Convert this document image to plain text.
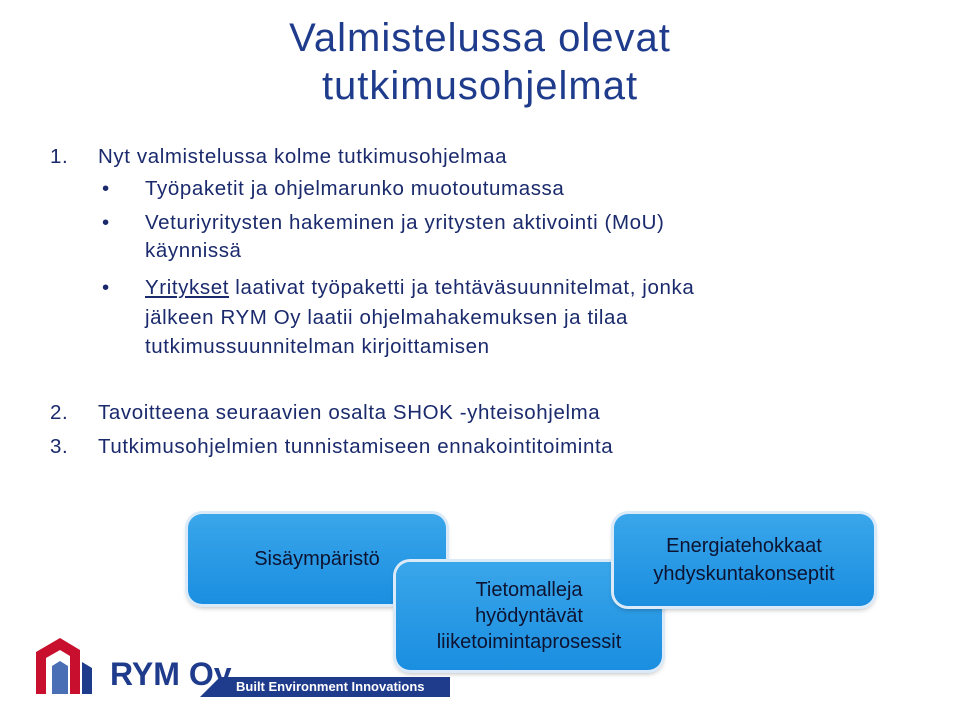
Valmistelussa olevat
tutkimusohjelmat
1. Nyt valmistelussa kolme tutkimusohjelmaa
• Työpaketit ja ohjelmarunko muotoutumassa
• Veturiyritysten hakeminen ja yritysten aktivointi (MoU)
käynnissä
• Yritykset laativat työpaketti ja tehtäväsuunnitelmat, jonka
jälkeen RYM Oy laatii ohjelmahakemuksen ja tilaa
tutkimussuunnitelman kirjoittamisen
2. Tavoitteena seuraavien osalta SHOK -yhteisohjelma
3. Tutkimusohjelmien tunnistamiseen ennakointitoiminta
Sisäympäristö
Tietomalleja
hyödyntävät
liiketoimintaprosessit
Energiatehokkaat
yhdyskuntakonseptit
RYM Oy Built Environment Innovations
